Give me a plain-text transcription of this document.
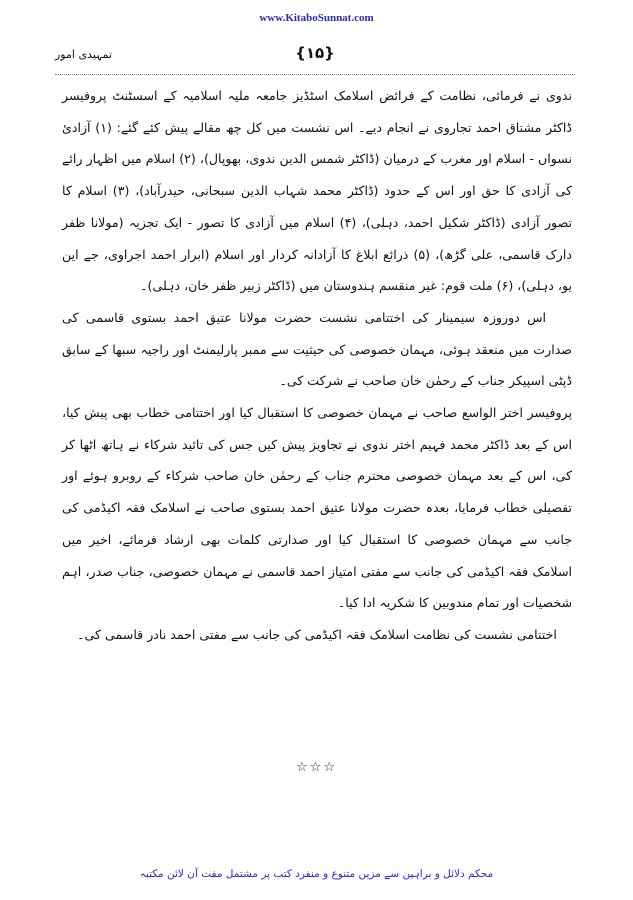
www.KitaboSunnat.com
تمہیدی امور	{۱۵}

ندوی نے فرمائی، نظامت کے فرائض اسلامک اسٹڈیز جامعہ ملیہ اسلامیہ کے اسسٹنٹ پروفیسر ڈاکٹر مشتاق احمد تجاروی نے انجام دیے۔ اس نشست میں کل چھ مقالے پیش کئے گئے: (۱) آزادیٔ نسواں - اسلام اور مغرب کے درمیان (ڈاکٹر شمس الدین ندوی، بھوپال)، (۲) اسلام میں اظہار رائے کی آزادی کا حق اور اس کے حدود (ڈاکٹر محمد شہاب الدین سبحانی، حیدرآباد)، (۳) اسلام کا تصور آزادی (ڈاکٹر شکیل احمد، دہلی)، (۴) اسلام میں آزادی کا تصور - ایک تجزیہ (مولانا ظفر دارک قاسمی، علی گڑھ)، (۵) ذرائع ابلاغ کا آزادانہ کردار اور اسلام (ابرار احمد اجراوی، جے این یو، دہلی)، (۶) ملت قوم: غیر منقسم ہندوستان میں (ڈاکٹر زبیر ظفر خان، دہلی)۔

اس دوروزہ سیمینار کی اختتامی نشست حضرت مولانا عتیق احمد بستوی قاسمی کی صدارت میں منعقد ہوئی، مہمان خصوصی کی حیثیت سے ممبر پارلیمنٹ اور راجیہ سبھا کے سابق ڈپٹی اسپیکر جناب کے رحمٰن خان صاحب نے شرکت کی۔

پروفیسر اختر الواسع صاحب نے مہمان خصوصی کا استقبال کیا اور اختتامی خطاب بھی پیش کیا، اس کے بعد ڈاکٹر محمد فہیم اختر ندوی نے تجاویز پیش کیں جس کی تائید شرکاء نے ہاتھ اٹھا کر کی، اس کے بعد مہمان خصوصی محترم جناب کے رحمٰن خان صاحب شرکاء کے روبرو ہوئے اور تفصیلی خطاب فرمایا، بعدہ حضرت مولانا عتیق احمد بستوی صاحب نے اسلامک فقہ اکیڈمی کی جانب سے مہمان خصوصی کا استقبال کیا اور صدارتی کلمات بھی ارشاد فرمائے، اخیر میں اسلامک فقہ اکیڈمی کی جانب سے مفتی امتیاز احمد قاسمی نے مہمان خصوصی، جناب صدر، اہم شخصیات اور تمام مندوبین کا شکریہ ادا کیا۔

اختتامی نشست کی نظامت اسلامک فقہ اکیڈمی کی جانب سے مفتی احمد نادر قاسمی کی۔

☆☆☆
محکم دلائل و براہین سے مزین متنوع و منفرد کتب پر مشتمل مفت آن لائن مکتبہ
